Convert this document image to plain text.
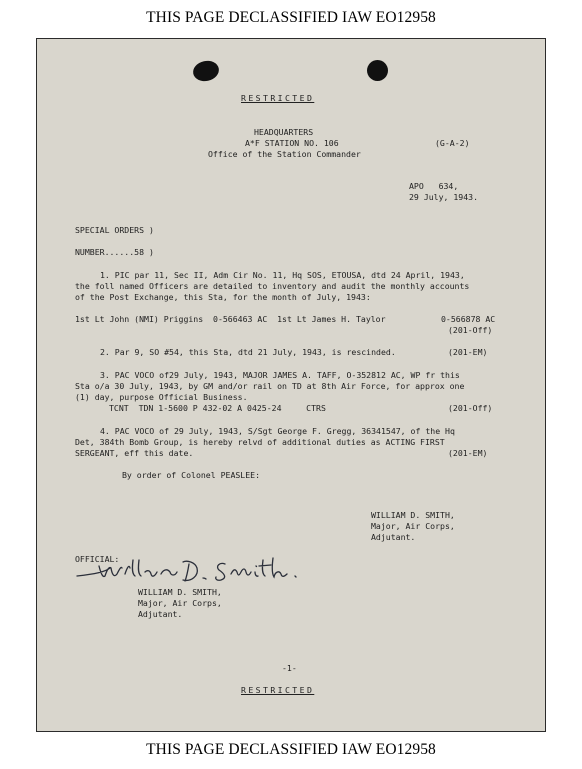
THIS PAGE DECLASSIFIED IAW EO12958
RESTRICTED
HEADQUARTERS
A*F STATION NO. 106	(G-A-2)
Office of the Station Commander
APO   634,
29 July, 1943.
SPECIAL ORDERS )
NUMBER......58 )
1. PIC par 11, Sec II, Adm Cir No. 11, Hq SOS, ETOUSA, dtd 24 April, 1943,
the foll named Officers are detailed to inventory and audit the monthly accounts
of the Post Exchange, this Sta, for the month of July, 1943:
1st Lt John (NMI) Priggins  0-566463 AC  1st Lt James H. Taylor	0-566878 AC
(201-Off)
2. Par 9, SO #54, this Sta, dtd 21 July, 1943, is rescinded.	(201-EM)
3. PAC VOCO of29 July, 1943, MAJOR JAMES A. TAFF, O-352812 AC, WP fr this
Sta o/a 30 July, 1943, by GM and/or rail on TD at 8th Air Force, for approx one
(1) day, purpose Official Business.
TCNT  TDN 1-5600 P 432-02 A 0425-24     CTRS	(201-Off)
4. PAC VOCO of 29 July, 1943, S/Sgt George F. Gregg, 36341547, of the Hq
Det, 384th Bomb Group, is hereby relvd of additional duties as ACTING FIRST
SERGEANT, eff this date.	(201-EM)
By order of Colonel PEASLEE:
WILLIAM D. SMITH,
Major, Air Corps,
Adjutant.
OFFICIAL:
WILLIAM D. SMITH,
Major, Air Corps,
Adjutant.
-1-
RESTRICTED
THIS PAGE DECLASSIFIED IAW EO12958
